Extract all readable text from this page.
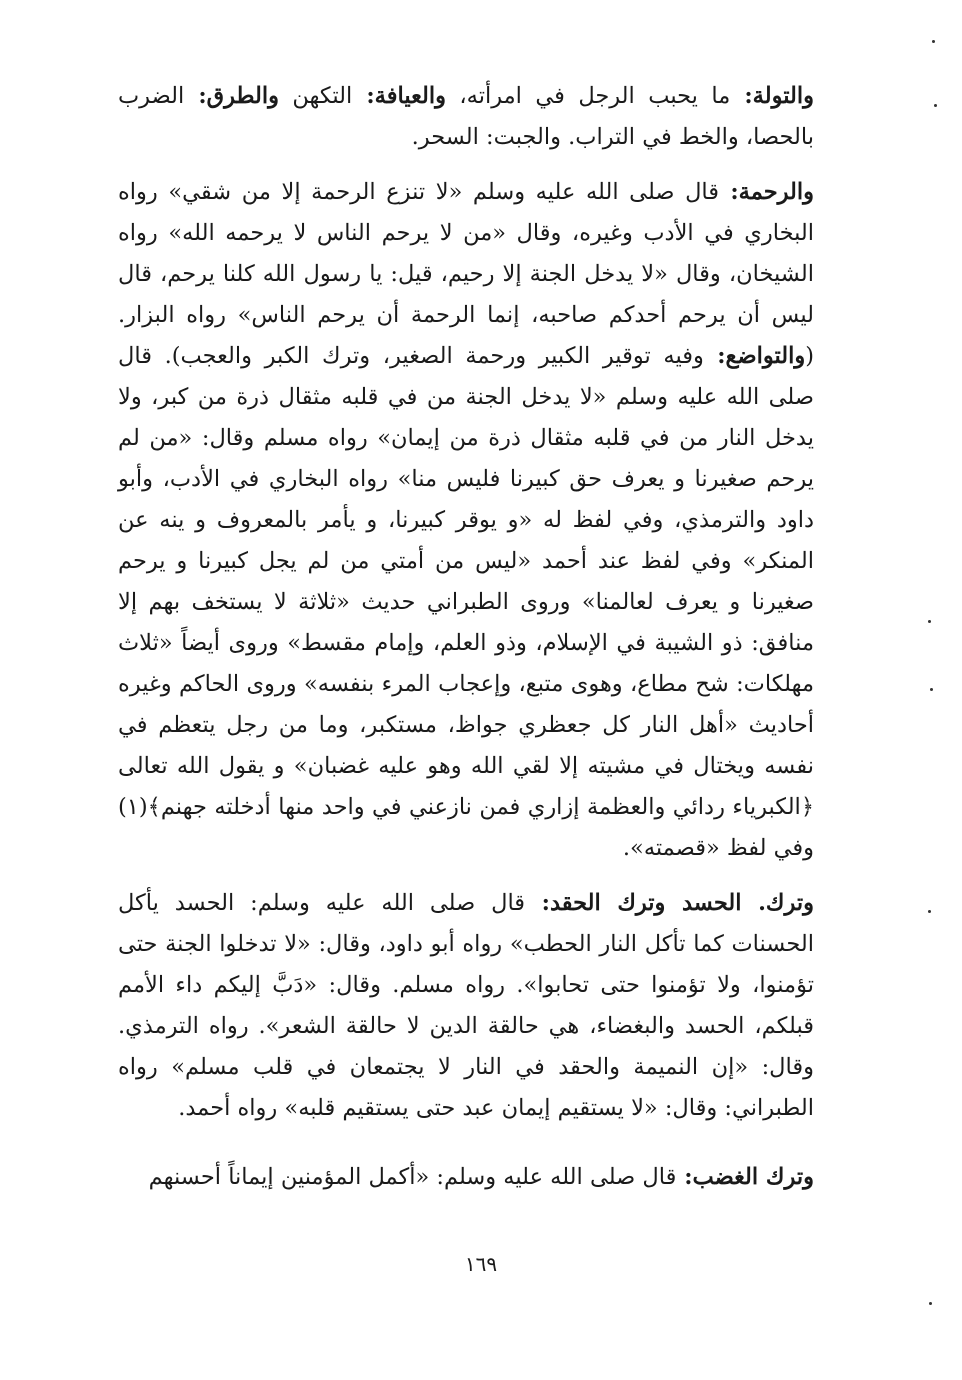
والتولة: ما يحبب الرجل في امرأته، والعيافة: التكهن والطرق: الضرب بالحصا، والخط في التراب. والجبت: السحر.

والرحمة: قال صلى الله عليه وسلم «لا تنزع الرحمة إلا من شقي» رواه البخاري في الأدب وغيره، وقال «من لا يرحم الناس لا يرحمه الله» رواه الشيخان، وقال «لا يدخل الجنة إلا رحيم، قيل: يا رسول الله كلنا يرحم، قال ليس أن يرحم أحدكم صاحبه، إنما الرحمة أن يرحم الناس» رواه البزار. (والتواضع: وفيه توقير الكبير ورحمة الصغير، وترك الكبر والعجب). قال صلى الله عليه وسلم «لا يدخل الجنة من في قلبه مثقال ذرة من كبر، ولا يدخل النار من في قلبه مثقال ذرة من إيمان» رواه مسلم وقال: «من لم يرحم صغيرنا و يعرف حق كبيرنا فليس منا» رواه البخاري في الأدب، وأبو داود والترمذي، وفي لفظ له «و يوقر كبيرنا، و يأمر بالمعروف و ينه عن المنكر» وفي لفظ عند أحمد «ليس من أمتي من لم يجل كبيرنا و يرحم صغيرنا و يعرف لعالمنا» وروى الطبراني حديث «ثلاثة لا يستخف بهم إلا منافق: ذو الشيبة في الإسلام، وذو العلم، وإمام مقسط» وروى أيضاً «ثلاث مهلكات: شح مطاع، وهوى متبع، وإعجاب المرء بنفسه» وروى الحاكم وغيره أحاديث «أهل النار كل جعظري جواظ، مستكبر، وما من رجل يتعظم في نفسه ويختال في مشيته إلا لقي الله وهو عليه غضبان» و يقول الله تعالى ﴿الكبرياء ردائي والعظمة إزاري فمن نازعني في واحد منها أدخلته جهنم﴾(١) وفي لفظ «قصمته».

وترك. الحسد وترك الحقد: قال صلى الله عليه وسلم: الحسد يأكل الحسنات كما تأكل النار الحطب» رواه أبو داود، وقال: «لا تدخلوا الجنة حتى تؤمنوا، ولا تؤمنوا حتى تحابوا». رواه مسلم. وقال: «دَبَّ إليكم داء الأمم قبلكم، الحسد والبغضاء، هي حالقة الدين لا حالقة الشعر». رواه الترمذي. وقال: «إن النميمة والحقد في النار لا يجتمعان في قلب مسلم» رواه الطبراني: وقال: «لا يستقيم إيمان عبد حتى يستقيم قلبه» رواه أحمد.

وترك الغضب: قال صلى الله عليه وسلم: «أكمل المؤمنين إيماناً أحسنهم

١٦٩
